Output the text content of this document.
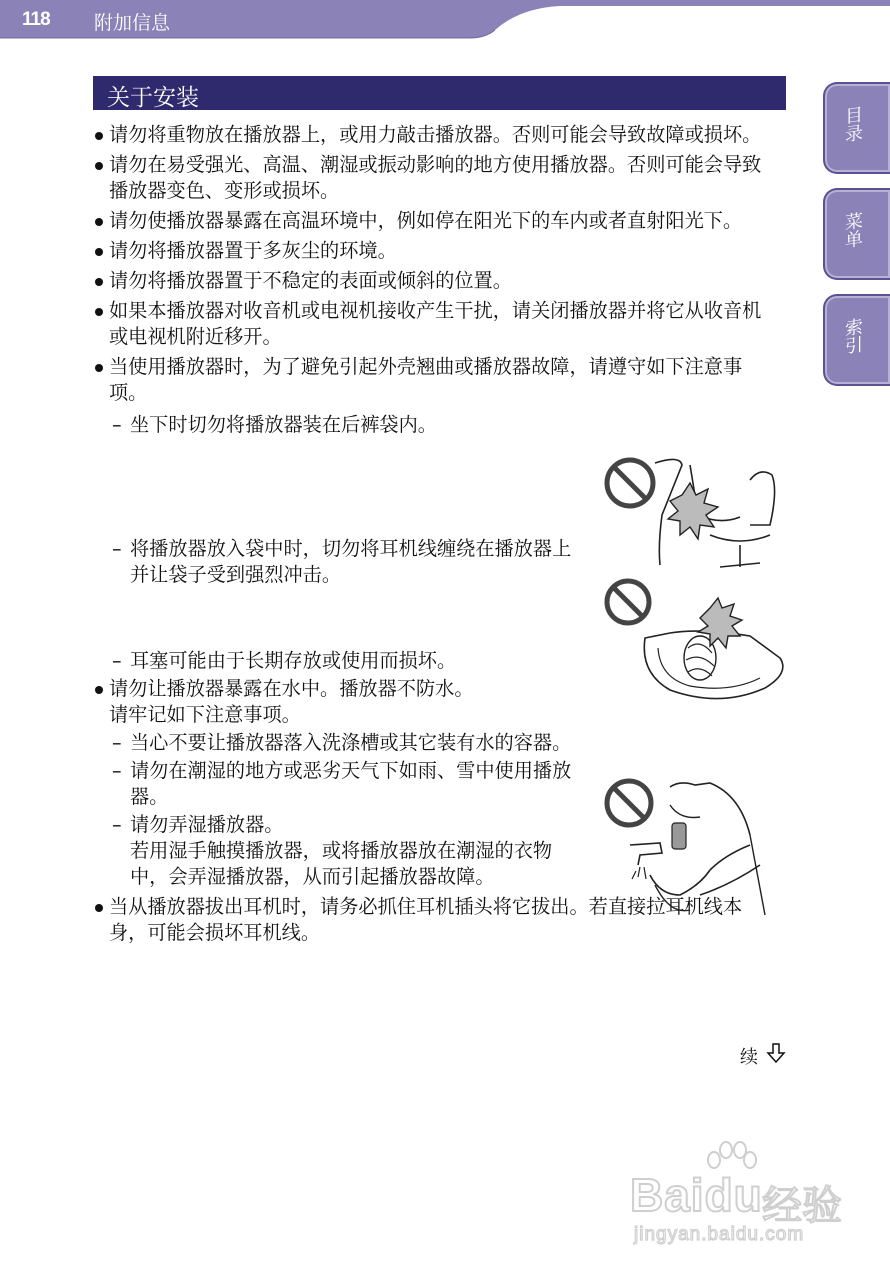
118 附加信息
关于安装
目录
菜单
索引
请勿将重物放在播放器上，或用力敲击播放器。否则可能会导致故障或损坏。
请勿在易受强光、高温、潮湿或振动影响的地方使用播放器。否则可能会导致播放器变色、变形或损坏。
请勿使播放器暴露在高温环境中，例如停在阳光下的车内或者直射阳光下。
请勿将播放器置于多灰尘的环境。
请勿将播放器置于不稳定的表面或倾斜的位置。
如果本播放器对收音机或电视机接收产生干扰，请关闭播放器并将它从收音机或电视机附近移开。
当使用播放器时，为了避免引起外壳翘曲或播放器故障，请遵守如下注意事项。
– 坐下时切勿将播放器装在后裤袋内。
– 将播放器放入袋中时，切勿将耳机线缠绕在播放器上并让袋子受到强烈冲击。
– 耳塞可能由于长期存放或使用而损坏。
请勿让播放器暴露在水中。播放器不防水。
请牢记如下注意事项。
– 当心不要让播放器落入洗涤槽或其它装有水的容器。
– 请勿在潮湿的地方或恶劣天气下如雨、雪中使用播放器。
– 请勿弄湿播放器。
若用湿手触摸播放器，或将播放器放在潮湿的衣物中，会弄湿播放器，从而引起播放器故障。
当从播放器拔出耳机时，请务必抓住耳机插头将它拔出。若直接拉耳机线本身，可能会损坏耳机线。
续
Baidu 经验
jingyan.baidu.com
